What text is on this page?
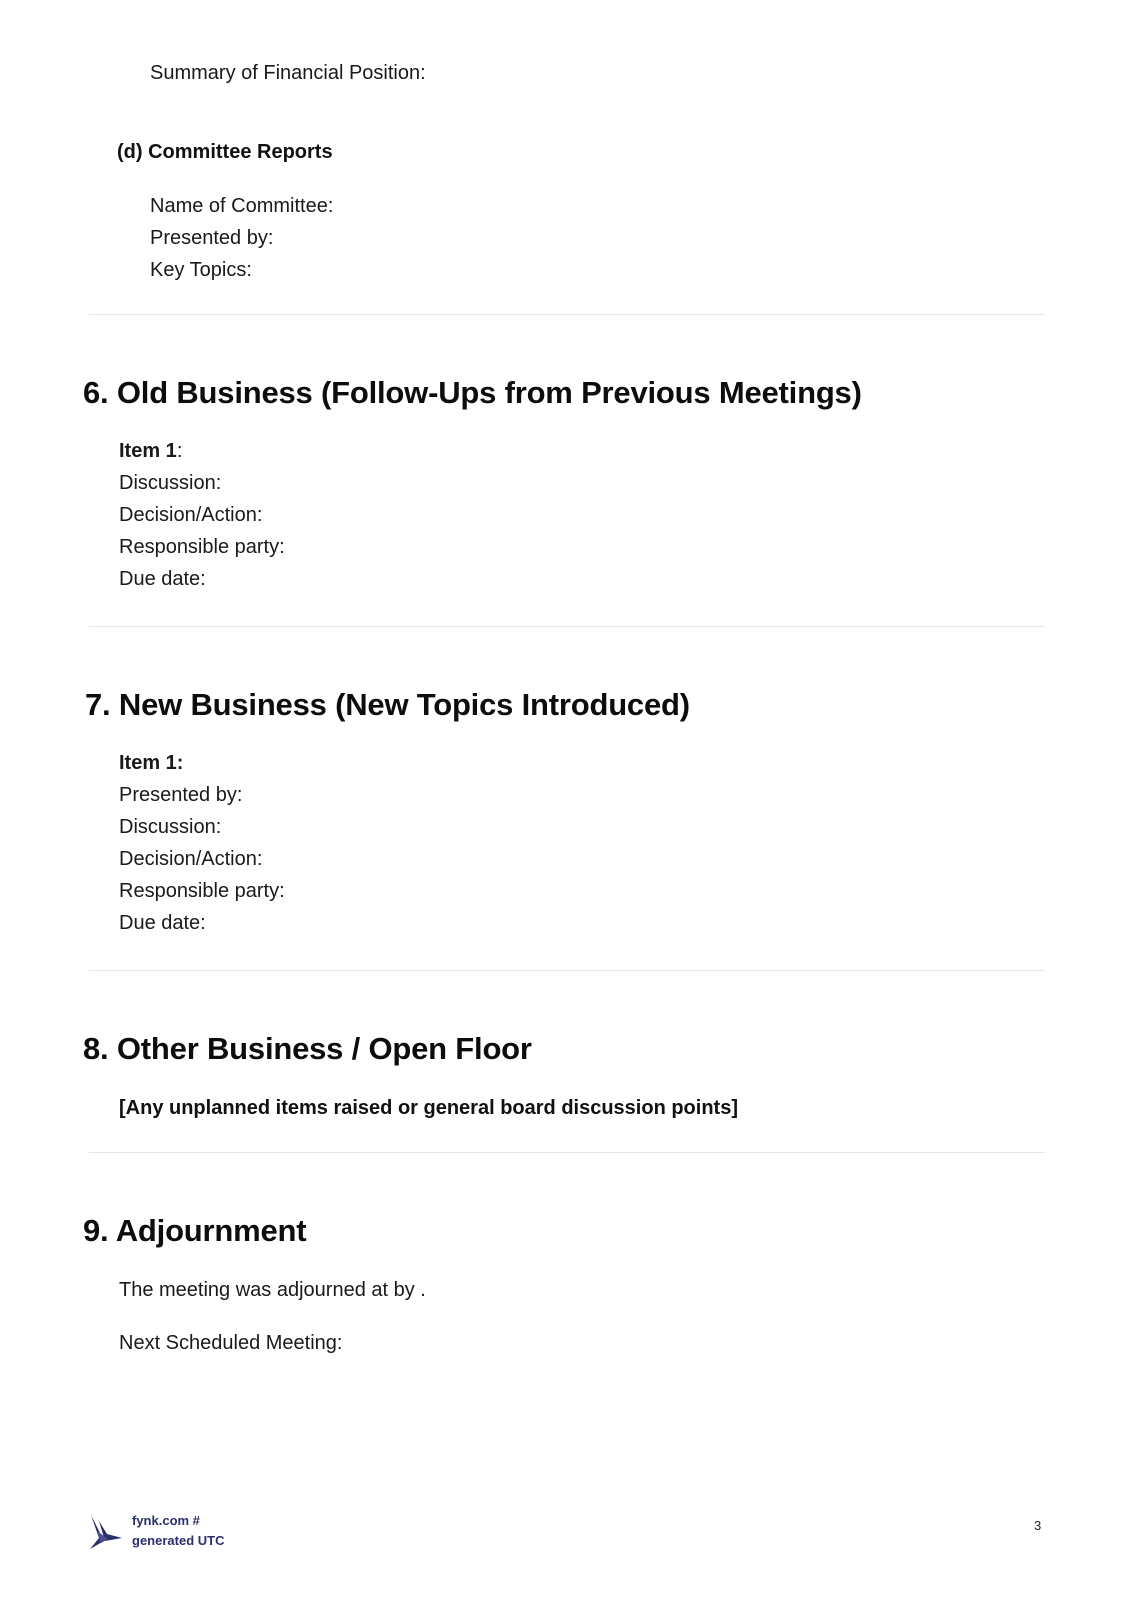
Summary of Financial Position:
(d) Committee Reports
Name of Committee:
Presented by:
Key Topics:
6. Old Business (Follow-Ups from Previous Meetings)
Item 1:
Discussion:
Decision/Action:
Responsible party:
Due date:
7. New Business (New Topics Introduced)
Item 1:
Presented by:
Discussion:
Decision/Action:
Responsible party:
Due date:
8. Other Business / Open Floor
[Any unplanned items raised or general board discussion points]
9. Adjournment
The meeting was adjourned at by .
Next Scheduled Meeting:
fynk.com #
generated UTC
3
